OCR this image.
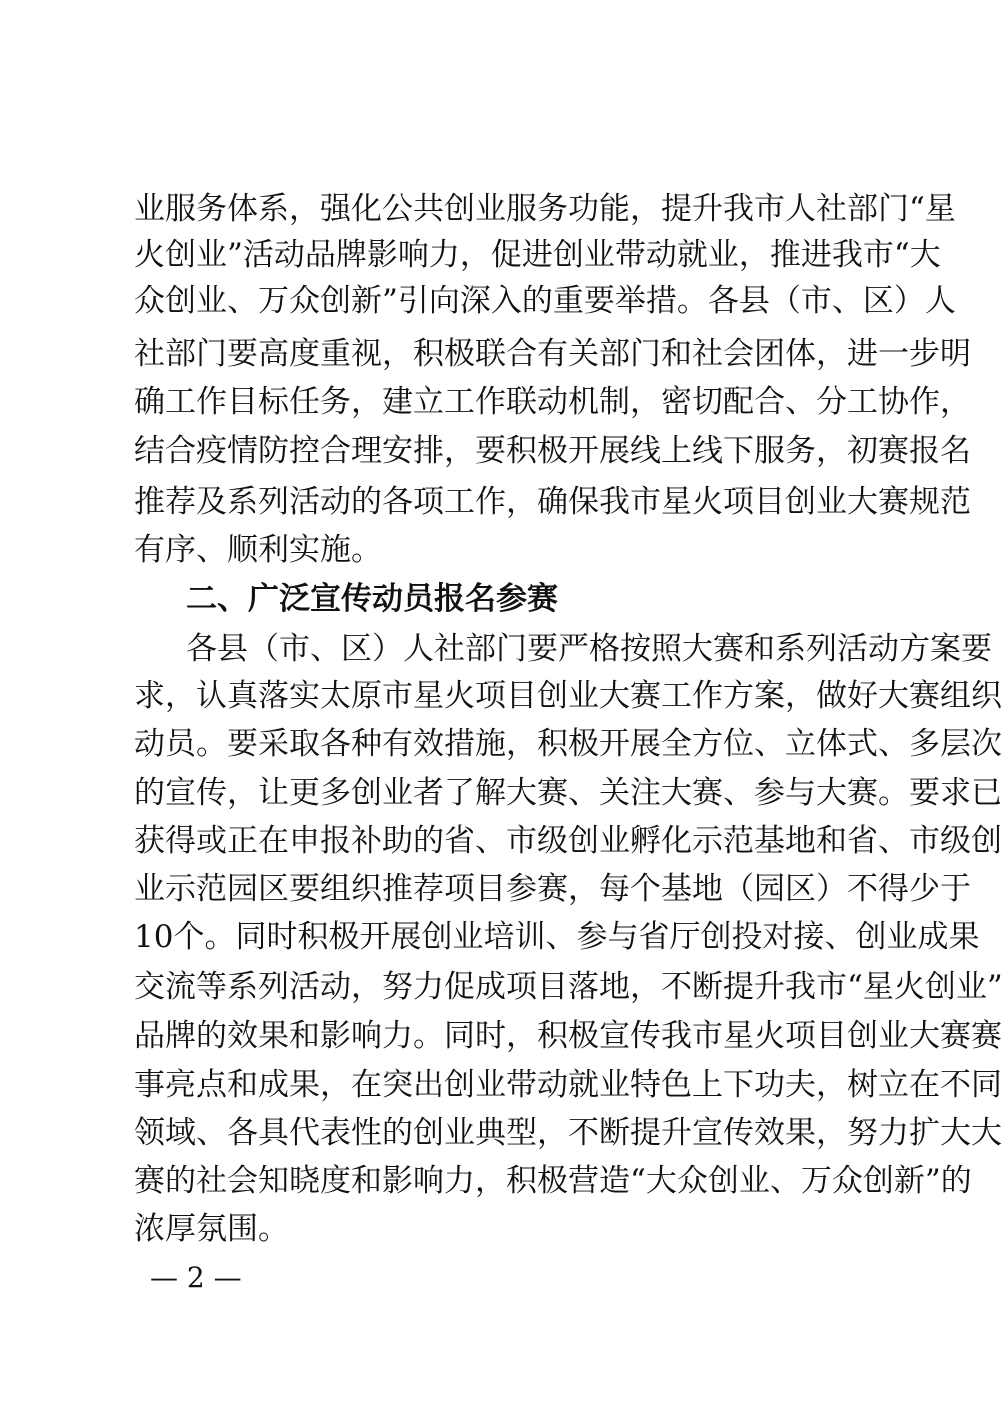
业服务体系，强化公共创业服务功能，提升我市人社部门“星
火创业”活动品牌影响力，促进创业带动就业，推进我市“大
众创业、万众创新”引向深入的重要举措。各县（市、区）人
社部门要高度重视，积极联合有关部门和社会团体，进一步明
确工作目标任务，建立工作联动机制，密切配合、分工协作，
结合疫情防控合理安排，要积极开展线上线下服务，初赛报名
推荐及系列活动的各项工作，确保我市星火项目创业大赛规范
有序、顺利实施。
二、广泛宣传动员报名参赛
各县（市、区）人社部门要严格按照大赛和系列活动方案要
求，认真落实太原市星火项目创业大赛工作方案，做好大赛组织
动员。要采取各种有效措施，积极开展全方位、立体式、多层次
的宣传，让更多创业者了解大赛、关注大赛、参与大赛。要求已
获得或正在申报补助的省、市级创业孵化示范基地和省、市级创
业示范园区要组织推荐项目参赛，每个基地（园区）不得少于
10个。同时积极开展创业培训、参与省厅创投对接、创业成果
交流等系列活动，努力促成项目落地，不断提升我市“星火创业”
品牌的效果和影响力。同时，积极宣传我市星火项目创业大赛赛
事亮点和成果，在突出创业带动就业特色上下功夫，树立在不同
领域、各具代表性的创业典型，不断提升宣传效果，努力扩大大
赛的社会知晓度和影响力，积极营造“大众创业、万众创新”的
浓厚氛围。
— 2 —
